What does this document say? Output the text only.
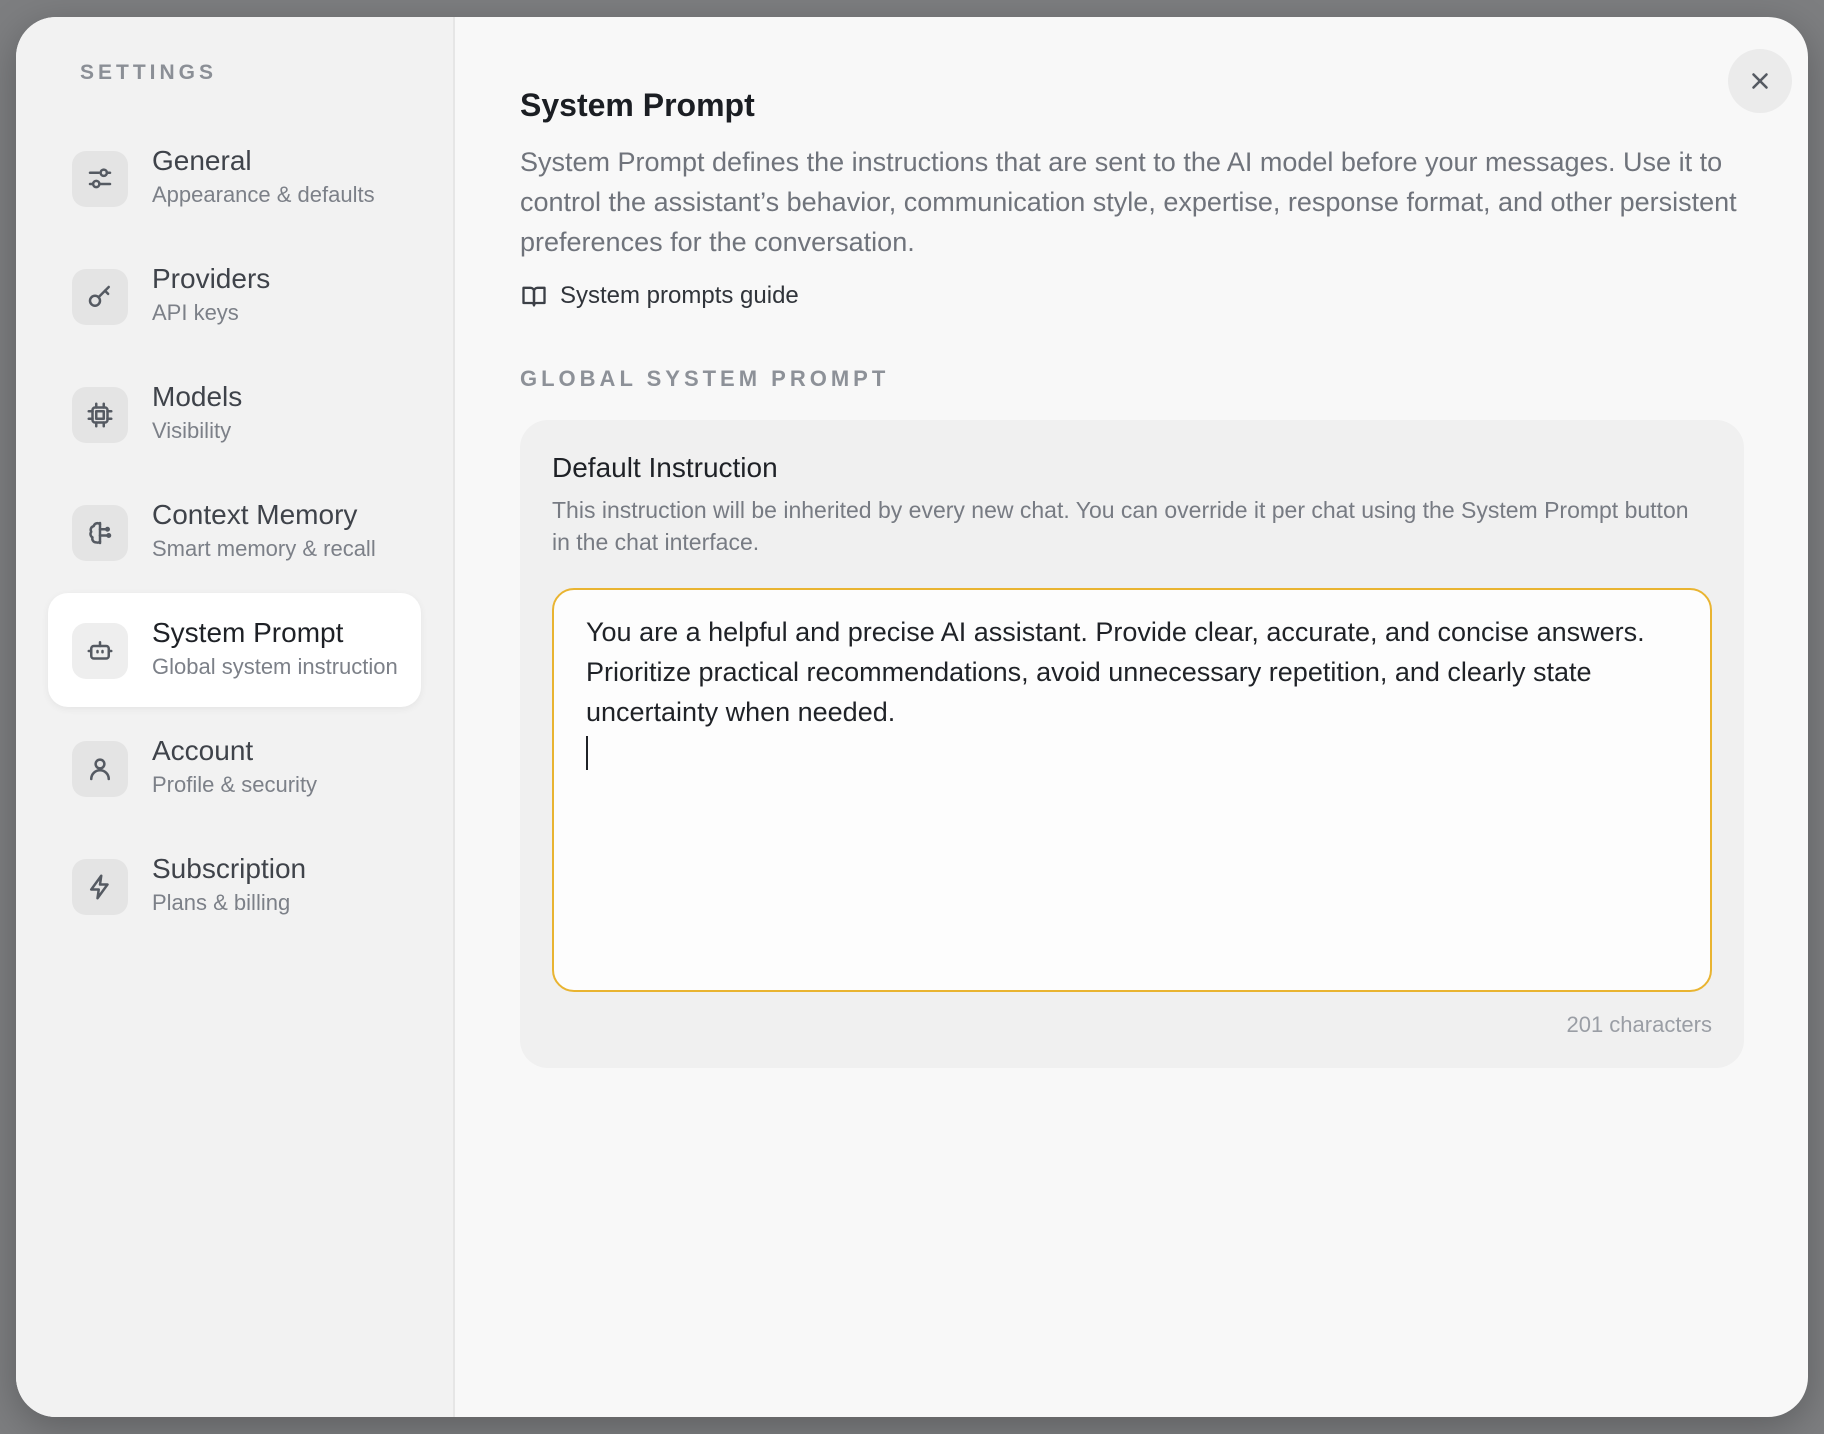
SETTINGS
General
Appearance & defaults
Providers
API keys
Models
Visibility
Context Memory
Smart memory & recall
System Prompt
Global system instruction
Account
Profile & security
Subscription
Plans & billing
System Prompt

System Prompt defines the instructions that are sent to the AI model before your messages. Use it to control the assistant’s behavior, communication style, expertise, response format, and other persistent preferences for the conversation.

System prompts guide
GLOBAL SYSTEM PROMPT
Default Instruction
This instruction will be inherited by every new chat. You can override it per chat using the System Prompt button in the chat interface.
You are a helpful and precise AI assistant. Provide clear, accurate, and concise answers. Prioritize practical recommendations, avoid unnecessary repetition, and clearly state uncertainty when needed.
201 characters
